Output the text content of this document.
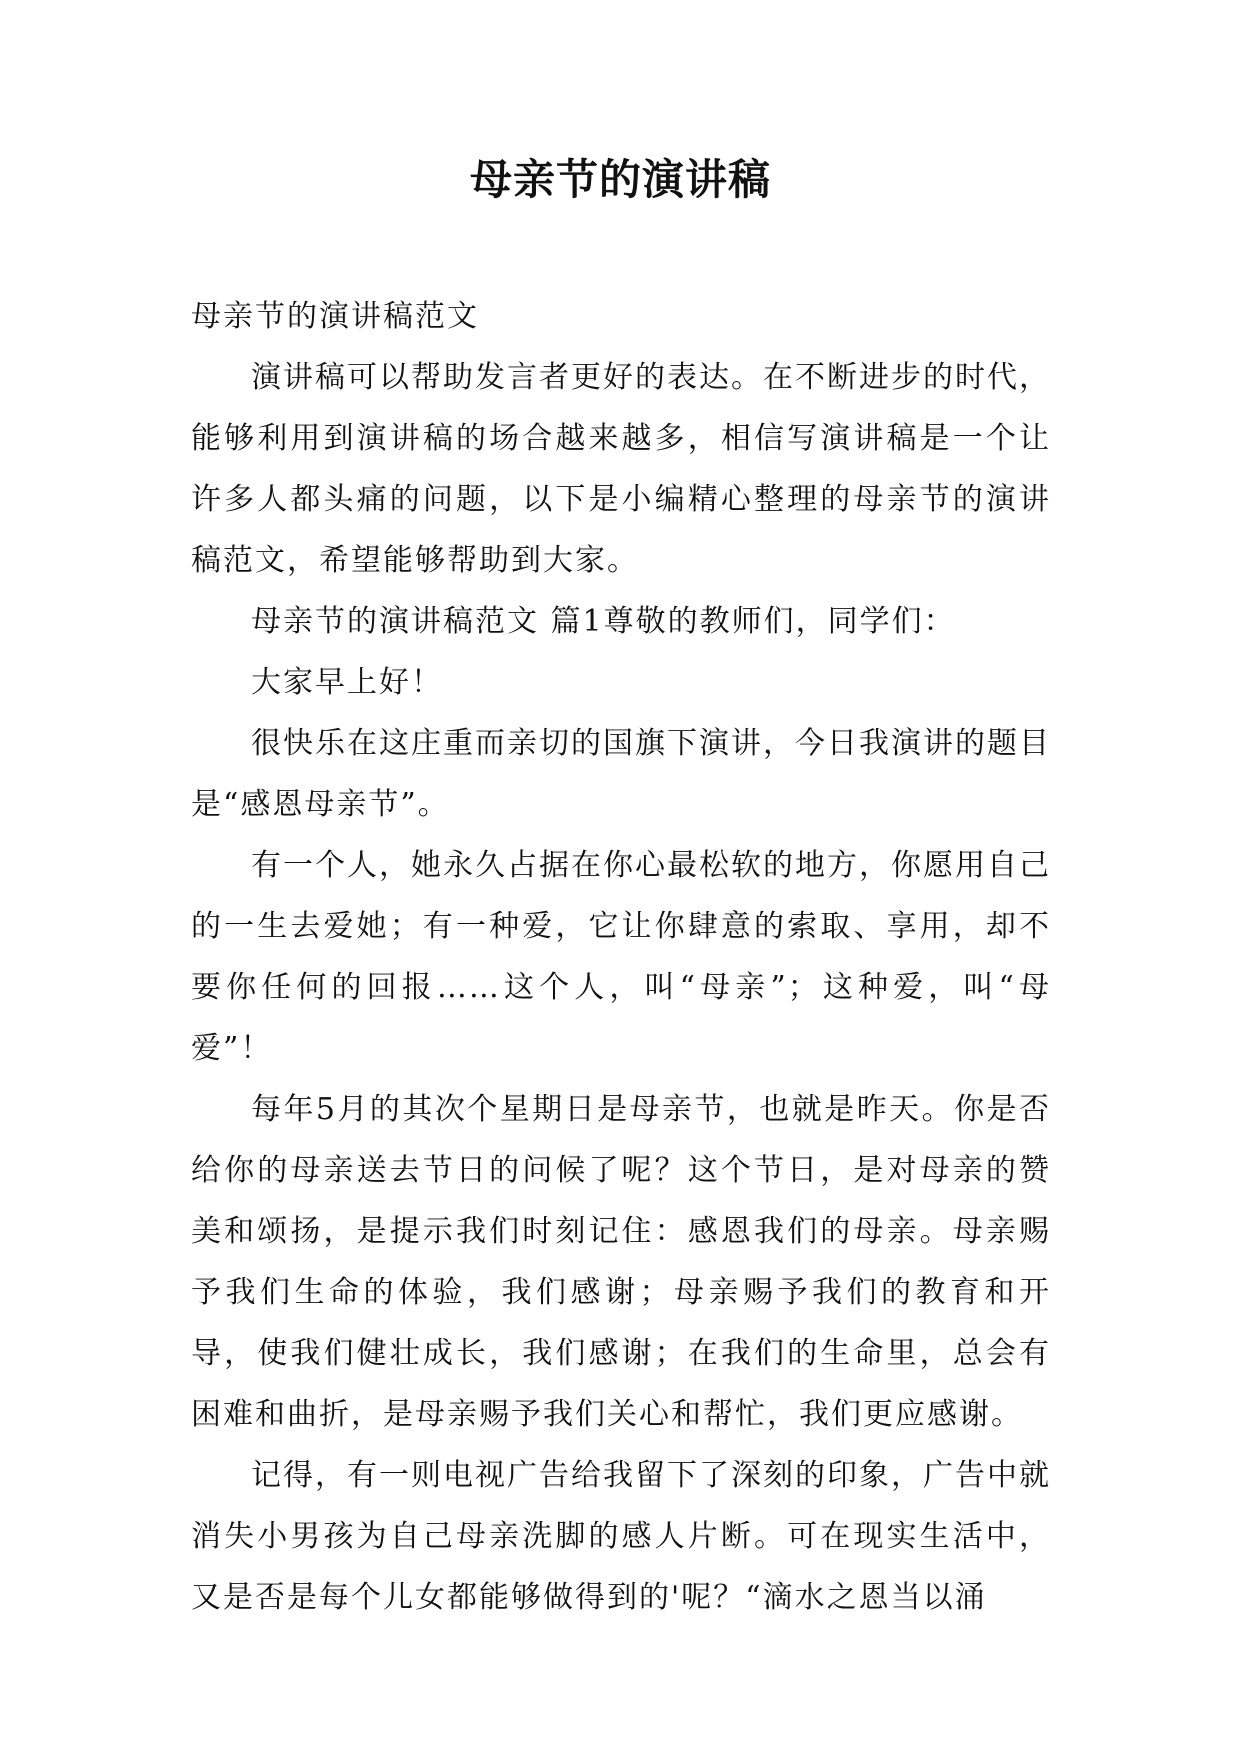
母亲节的演讲稿

母亲节的演讲稿范文

演讲稿可以帮助发言者更好的表达。在不断进步的时代，能够利用到演讲稿的场合越来越多，相信写演讲稿是一个让许多人都头痛的问题，以下是小编精心整理的母亲节的演讲稿范文，希望能够帮助到大家。

母亲节的演讲稿范文 篇1尊敬的教师们，同学们：

大家早上好！

很快乐在这庄重而亲切的国旗下演讲，今日我演讲的题目是“感恩母亲节”。

有一个人，她永久占据在你心最松软的地方，你愿用自己的一生去爱她；有一种爱，它让你肆意的索取、享用，却不要你任何的回报……这个人，叫“母亲”；这种爱，叫“母爱”！

每年5月的其次个星期日是母亲节，也就是昨天。你是否给你的母亲送去节日的问候了呢？这个节日，是对母亲的赞美和颂扬，是提示我们时刻记住：感恩我们的母亲。母亲赐予我们生命的体验，我们感谢；母亲赐予我们的教育和开导，使我们健壮成长，我们感谢；在我们的生命里，总会有困难和曲折，是母亲赐予我们关心和帮忙，我们更应感谢。

记得，有一则电视广告给我留下了深刻的印象，广告中就消失小男孩为自己母亲洗脚的感人片断。可在现实生活中，又是否是每个儿女都能够做得到的'呢？“滴水之恩当以涌
